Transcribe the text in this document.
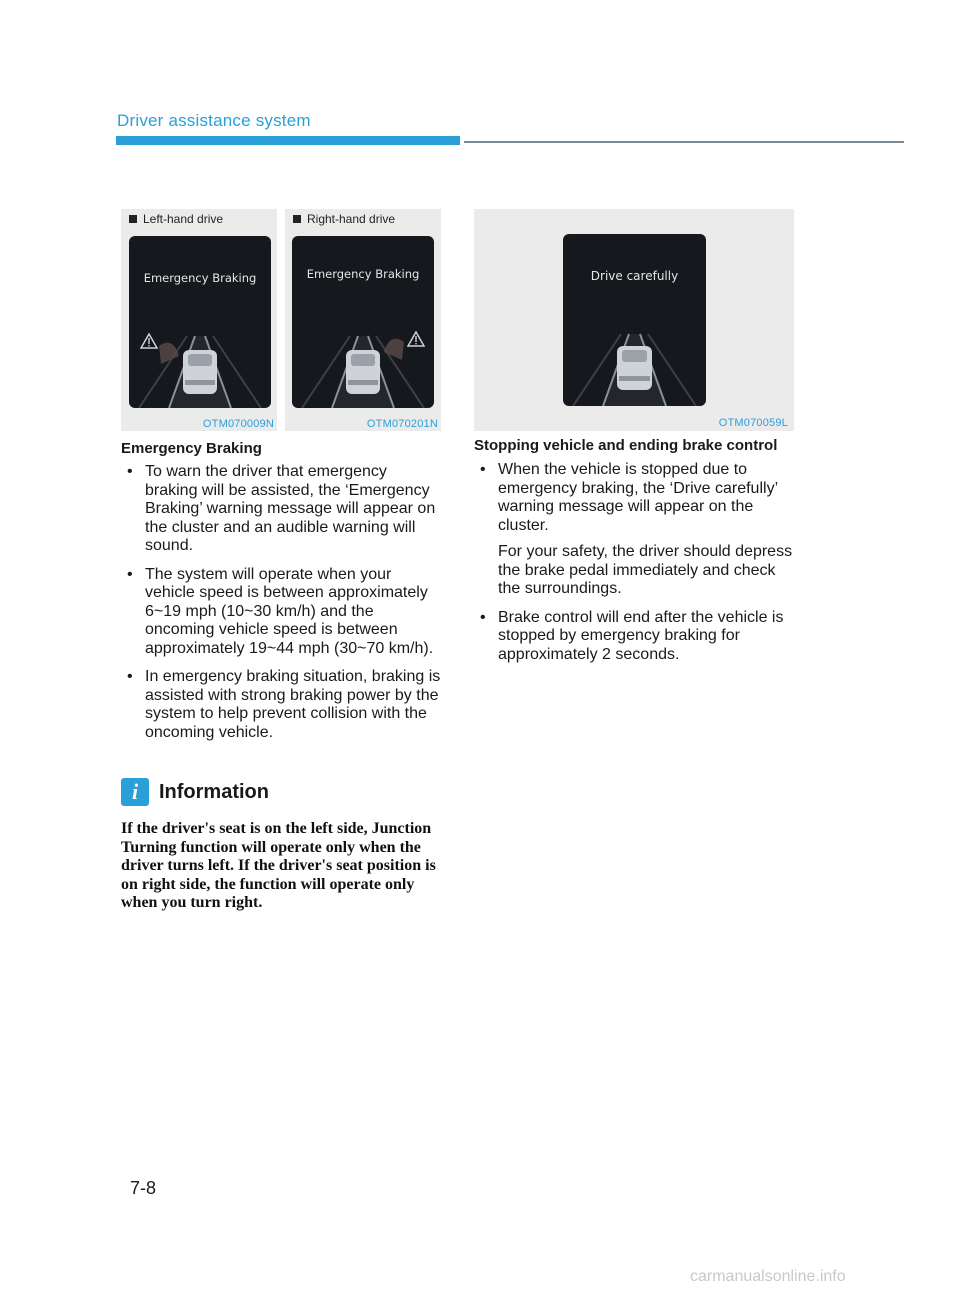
Driver assistance system
Left-hand drive
Emergency Braking
OTM070009N
Right-hand drive
Emergency Braking
OTM070201N
Drive carefully
OTM070059L
Emergency Braking
• To warn the driver that emergency braking will be assisted, the ‘Emergency Braking’ warning message will appear on the cluster and an audible warning will sound.

• The system will operate when your vehicle speed is between approximately 6~19 mph (10~30 km/h) and the oncoming vehicle speed is between approximately 19~44 mph (30~70 km/h).

• In emergency braking situation, braking is assisted with strong braking power by the system to help prevent collision with the oncoming vehicle.

i	Information

If the driver's seat is on the left side, Junction Turning function will operate only when the driver turns left. If the driver's seat position is on right side, the function will operate only when you turn right.

Stopping vehicle and ending brake control
• When the vehicle is stopped due to emergency braking, the ‘Drive carefully’ warning message will appear on the cluster.

For your safety, the driver should depress the brake pedal immediately and check the surroundings.

• Brake control will end after the vehicle is stopped by emergency braking for approximately 2 seconds.

7-8
carmanualsonline.info
